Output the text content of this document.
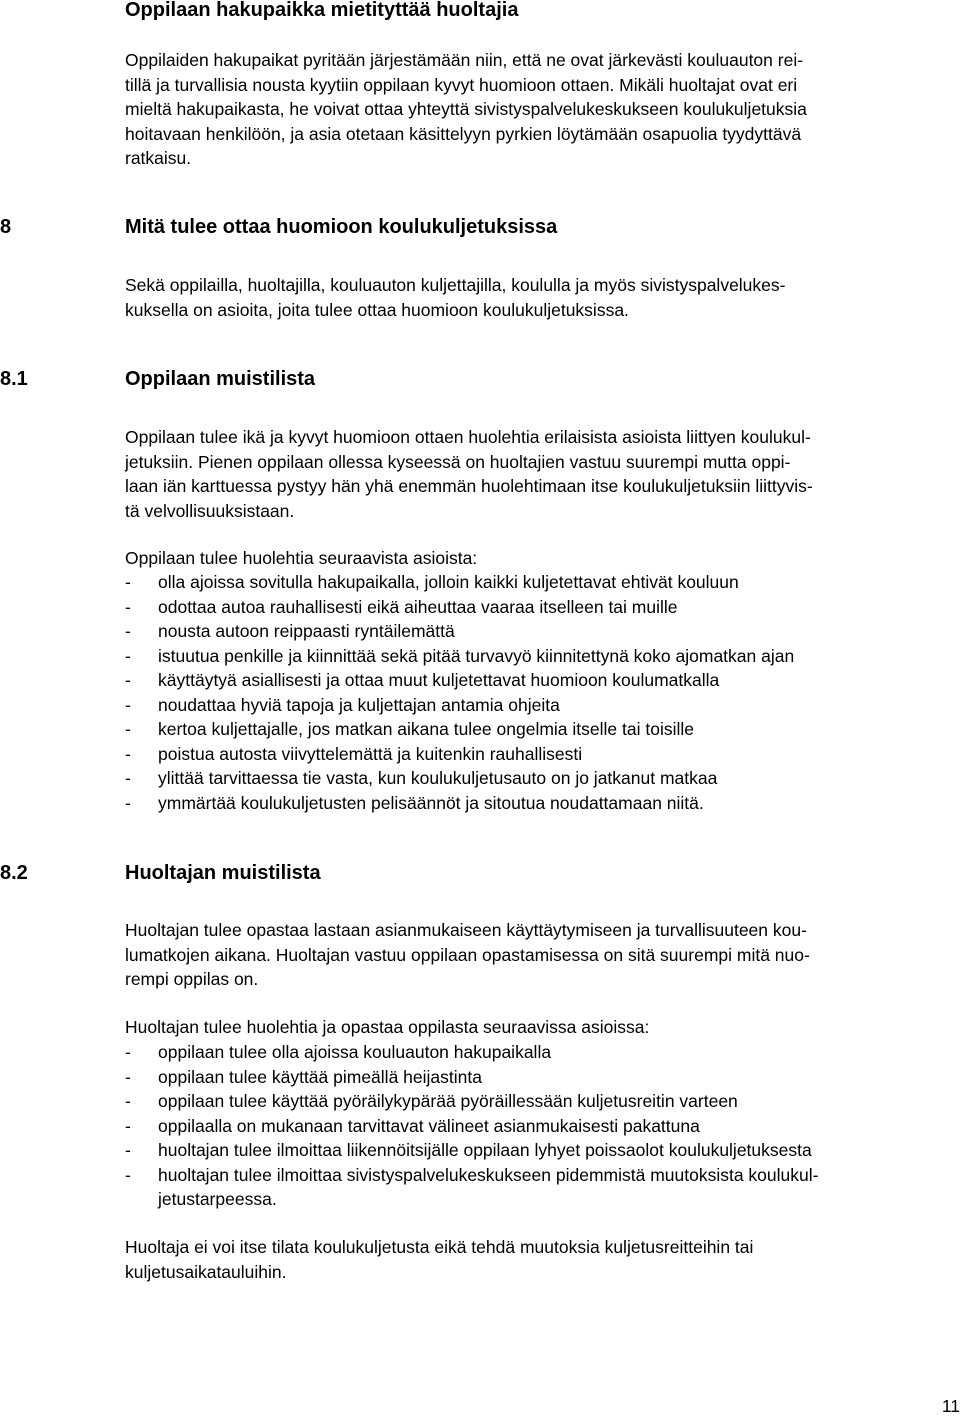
Oppilaan hakupaikka mietityttää huoltajia

Oppilaiden hakupaikat pyritään järjestämään niin, että ne ovat järkevästi kouluauton rei-
tillä ja turvallisia nousta kyytiin oppilaan kyvyt huomioon ottaen. Mikäli huoltajat ovat eri
mieltä hakupaikasta, he voivat ottaa yhteyttä sivistyspalvelukeskukseen koulukuljetuksia
hoitavaan henkilöön, ja asia otetaan käsittelyyn pyrkien löytämään osapuolia tyydyttävä
ratkaisu.

8	Mitä tulee ottaa huomioon koulukuljetuksissa

Sekä oppilailla, huoltajilla, kouluauton kuljettajilla, koululla ja myös sivistyspalvelukes-
kuksella on asioita, joita tulee ottaa huomioon koulukuljetuksissa.

8.1	Oppilaan muistilista

Oppilaan tulee ikä ja kyvyt huomioon ottaen huolehtia erilaisista asioista liittyen koulukul-
jetuksiin. Pienen oppilaan ollessa kyseessä on huoltajien vastuu suurempi mutta oppi-
laan iän karttuessa pystyy hän yhä enemmän huolehtimaan itse koulukuljetuksiin liittyvis-
tä velvollisuuksistaan.

Oppilaan tulee huolehtia seuraavista asioista:

- olla ajoissa sovitulla hakupaikalla, jolloin kaikki kuljetettavat ehtivät kouluun
- odottaa autoa rauhallisesti eikä aiheuttaa vaaraa itselleen tai muille
- nousta autoon reippaasti ryntäilemättä
- istuutua penkille ja kiinnittää sekä pitää turvavyö kiinnitettynä koko ajomatkan ajan
- käyttäytyä asiallisesti ja ottaa muut kuljetettavat huomioon koulumatkalla
- noudattaa hyviä tapoja ja kuljettajan antamia ohjeita
- kertoa kuljettajalle, jos matkan aikana tulee ongelmia itselle tai toisille
- poistua autosta viivyttelemättä ja kuitenkin rauhallisesti
- ylittää tarvittaessa tie vasta, kun koulukuljetusauto on jo jatkanut matkaa
- ymmärtää koulukuljetusten pelisäännöt ja sitoutua noudattamaan niitä.
8.2	Huoltajan muistilista

Huoltajan tulee opastaa lastaan asianmukaiseen käyttäytymiseen ja turvallisuuteen kou-
lumatkojen aikana. Huoltajan vastuu oppilaan opastamisessa on sitä suurempi mitä nuo-
rempi oppilas on.

Huoltajan tulee huolehtia ja opastaa oppilasta seuraavissa asioissa:

- oppilaan tulee olla ajoissa kouluauton hakupaikalla
- oppilaan tulee käyttää pimeällä heijastinta
- oppilaan tulee käyttää pyöräilykypärää pyöräillessään kuljetusreitin varteen
- oppilaalla on mukanaan tarvittavat välineet asianmukaisesti pakattuna
- huoltajan tulee ilmoittaa liikennöitsijälle oppilaan lyhyet poissaolot koulukuljetuksesta
- huoltajan tulee ilmoittaa sivistyspalvelukeskukseen pidemmistä muutoksista koulukul-
jetustarpeessa.

Huoltaja ei voi itse tilata koulukuljetusta eikä tehdä muutoksia kuljetusreitteihin tai
kuljetusaikatauluihin.

11
